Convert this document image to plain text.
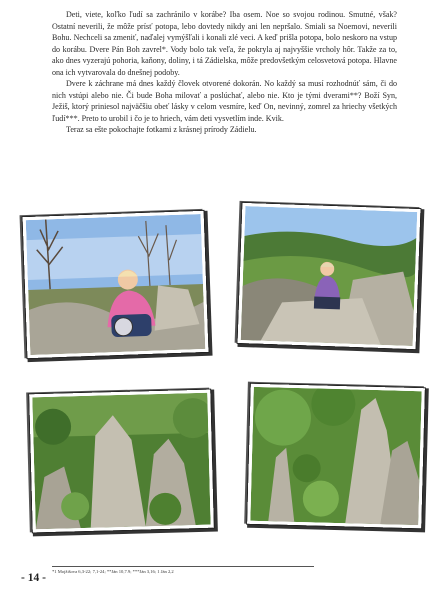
Deti, viete, koľko ľudí sa zachránilo v korábe? Iba osem. Noe so svojou rodinou. Smutné, však? Ostatní neverili, že môže prísť potopa, lebo dovtedy nikdy ani len nepršalo. Smiali sa Noemovi, neverili Bohu. Nechceli sa zmeniť, naďalej vymýšľali i konali zlé veci. A keď prišla potopa, bolo neskoro na vstup do korábu. Dvere Pán Boh zavrel*. Vody bolo tak veľa, že pokryla aj najvyššie vrcholy hôr. Takže za to, ako dnes vyzerajú pohoria, kaňony, doliny, i tá Zádielska, môže predovšetkým celosvetová potopa. Hlavne ona ich vytvarovala do dnešnej podoby.

Dvere k záchrane má dnes každý človek otvorené dokorán. No každý sa musí rozhodnúť sám, či do nich vstúpi alebo nie. Či bude Boha milovať a poslúchať, alebo nie. Kto je tými dverami**? Boží Syn, Ježiš, ktorý priniesol najväčšiu obeť lásky v celom vesmíre, keď On, nevinný, zomrel za hriechy všetkých ľudí***. Preto to urobil i čo je to hriech, vám deti vysvetlím inde. Kvik.

Teraz sa ešte pokochajte fotkami z krásnej prírody Zádielu.

*1 Mojžišova 6,3-22; 7,1-24; **Ján 10,7.9; ***Ján 3,16; 1 Ján 2,2
- 14 -
